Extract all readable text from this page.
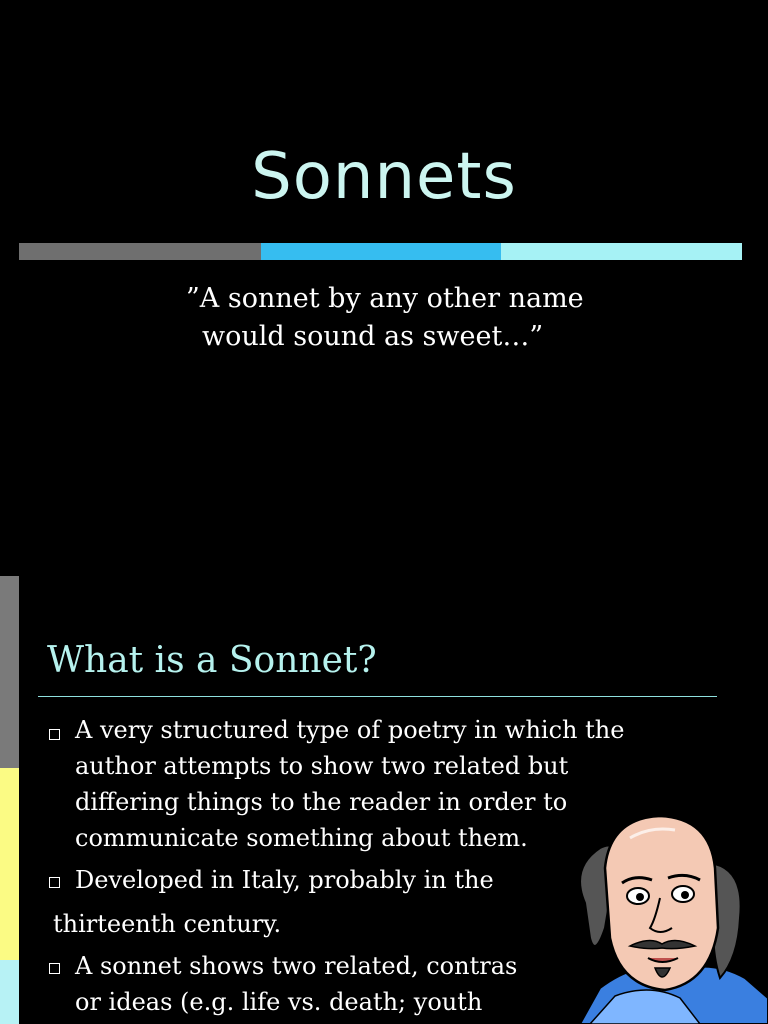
Sonnets
”A sonnet by any other name
would sound as sweet…”
What is a Sonnet?
A very structured type of poetry in which the
author attempts to show two related but
differing things to the reader in order to
communicate something about them.
Developed in Italy, probably in the
thirteenth century.
A sonnet shows two related, contras
or ideas (e.g. life vs. death; youth
